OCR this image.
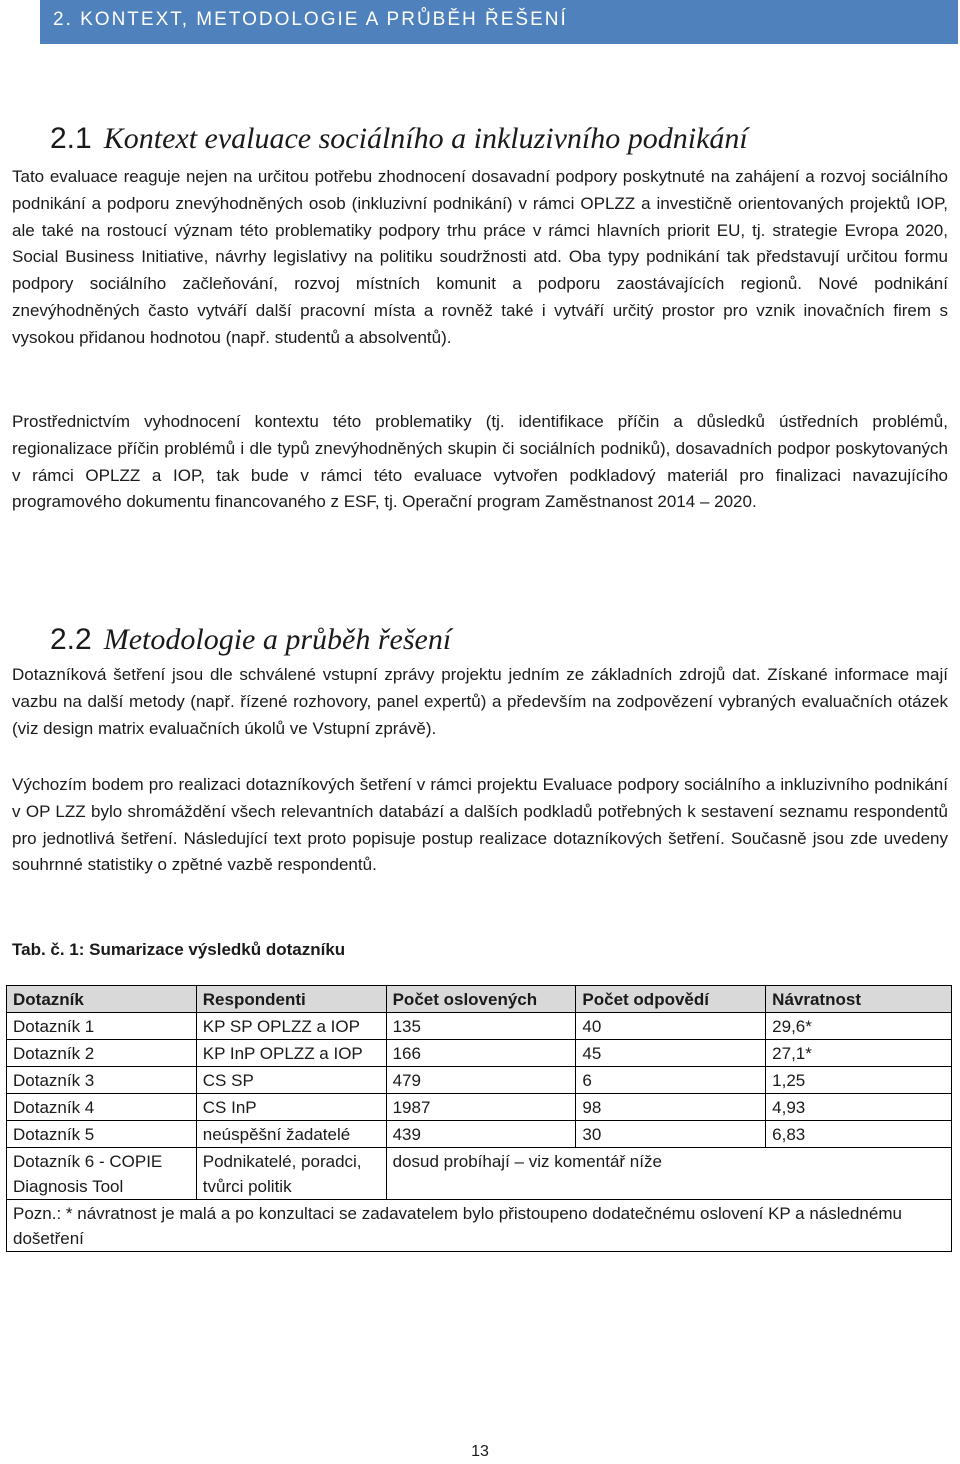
2. KONTEXT, METODOLOGIE A PRŮBĚH ŘEŠENÍ
2.1 Kontext evaluace sociálního a inkluzivního podnikání

Tato evaluace reaguje nejen na určitou potřebu zhodnocení dosavadní podpory poskytnuté na zahájení a rozvoj sociálního podnikání a podporu znevýhodněných osob (inkluzivní podnikání) v rámci OPLZZ a investičně orientovaných projektů IOP, ale také na rostoucí význam této problematiky podpory trhu práce v rámci hlavních priorit EU, tj. strategie Evropa 2020, Social Business Initiative, návrhy legislativy na politiku soudržnosti atd. Oba typy podnikání tak představují určitou formu podpory sociálního začleňování, rozvoj místních komunit a podporu zaostávajících regionů. Nové podnikání znevýhodněných často vytváří další pracovní místa a rovněž také i vytváří určitý prostor pro vznik inovačních firem s vysokou přidanou hodnotou (např. studentů a absolventů).

Prostřednictvím vyhodnocení kontextu této problematiky (tj. identifikace příčin a důsledků ústředních problémů, regionalizace příčin problémů i dle typů znevýhodněných skupin či sociálních podniků), dosavadních podpor poskytovaných v rámci OPLZZ a IOP, tak bude v rámci této evaluace vytvořen podkladový materiál pro finalizaci navazujícího programového dokumentu financovaného z ESF, tj. Operační program Zaměstnanost 2014 – 2020.

2.2 Metodologie a průběh řešení

Dotazníková šetření jsou dle schválené vstupní zprávy projektu jedním ze základních zdrojů dat. Získané informace mají vazbu na další metody (např. řízené rozhovory, panel expertů) a především na zodpovězení vybraných evaluačních otázek (viz design matrix evaluačních úkolů ve Vstupní zprávě).

Výchozím bodem pro realizaci dotazníkových šetření v rámci projektu Evaluace podpory sociálního a inkluzivního podnikání v OP LZZ bylo shromáždění všech relevantních databází a dalších podkladů potřebných k sestavení seznamu respondentů pro jednotlivá šetření. Následující text proto popisuje postup realizace dotazníkových šetření. Současně jsou zde uvedeny souhrnné statistiky o zpětné vazbě respondentů.

Tab. č. 1: Sumarizace výsledků dotazníku
Dotazník	Respondenti	Počet oslovených	Počet odpovědí	Návratnost
Dotazník 1	KP SP OPLZZ a IOP	135	40	29,6*
Dotazník 2	KP InP OPLZZ a IOP	166	45	27,1*
Dotazník 3	CS SP	479	6	1,25
Dotazník 4	CS InP	1987	98	4,93
Dotazník 5	neúspěšní žadatelé	439	30	6,83
Dotazník 6 - COPIE Diagnosis Tool	Podnikatelé, poradci, tvůrci politik	dosud probíhají – viz komentář níže		
Pozn.: * návratnost je malá a po konzultaci se zadavatelem bylo přistoupeno dodatečnému oslovení KP a následnému došetření				
13
